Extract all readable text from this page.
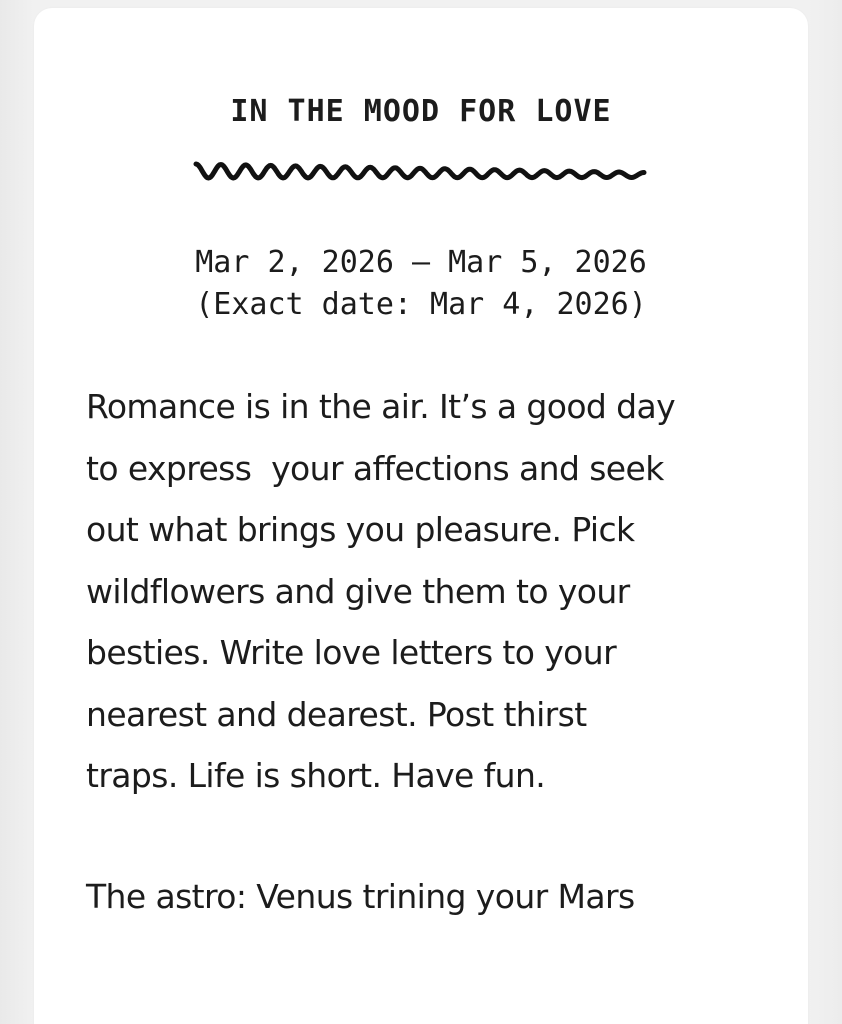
IN THE MOOD FOR LOVE
Mar 2, 2026 – Mar 5, 2026
(Exact date: Mar 4, 2026)
Romance is in the air. It’s a good day
to express  your affections and seek
out what brings you pleasure. Pick
wildflowers and give them to your
besties. Write love letters to your
nearest and dearest. Post thirst
traps. Life is short. Have fun.
The astro: Venus trining your Mars
